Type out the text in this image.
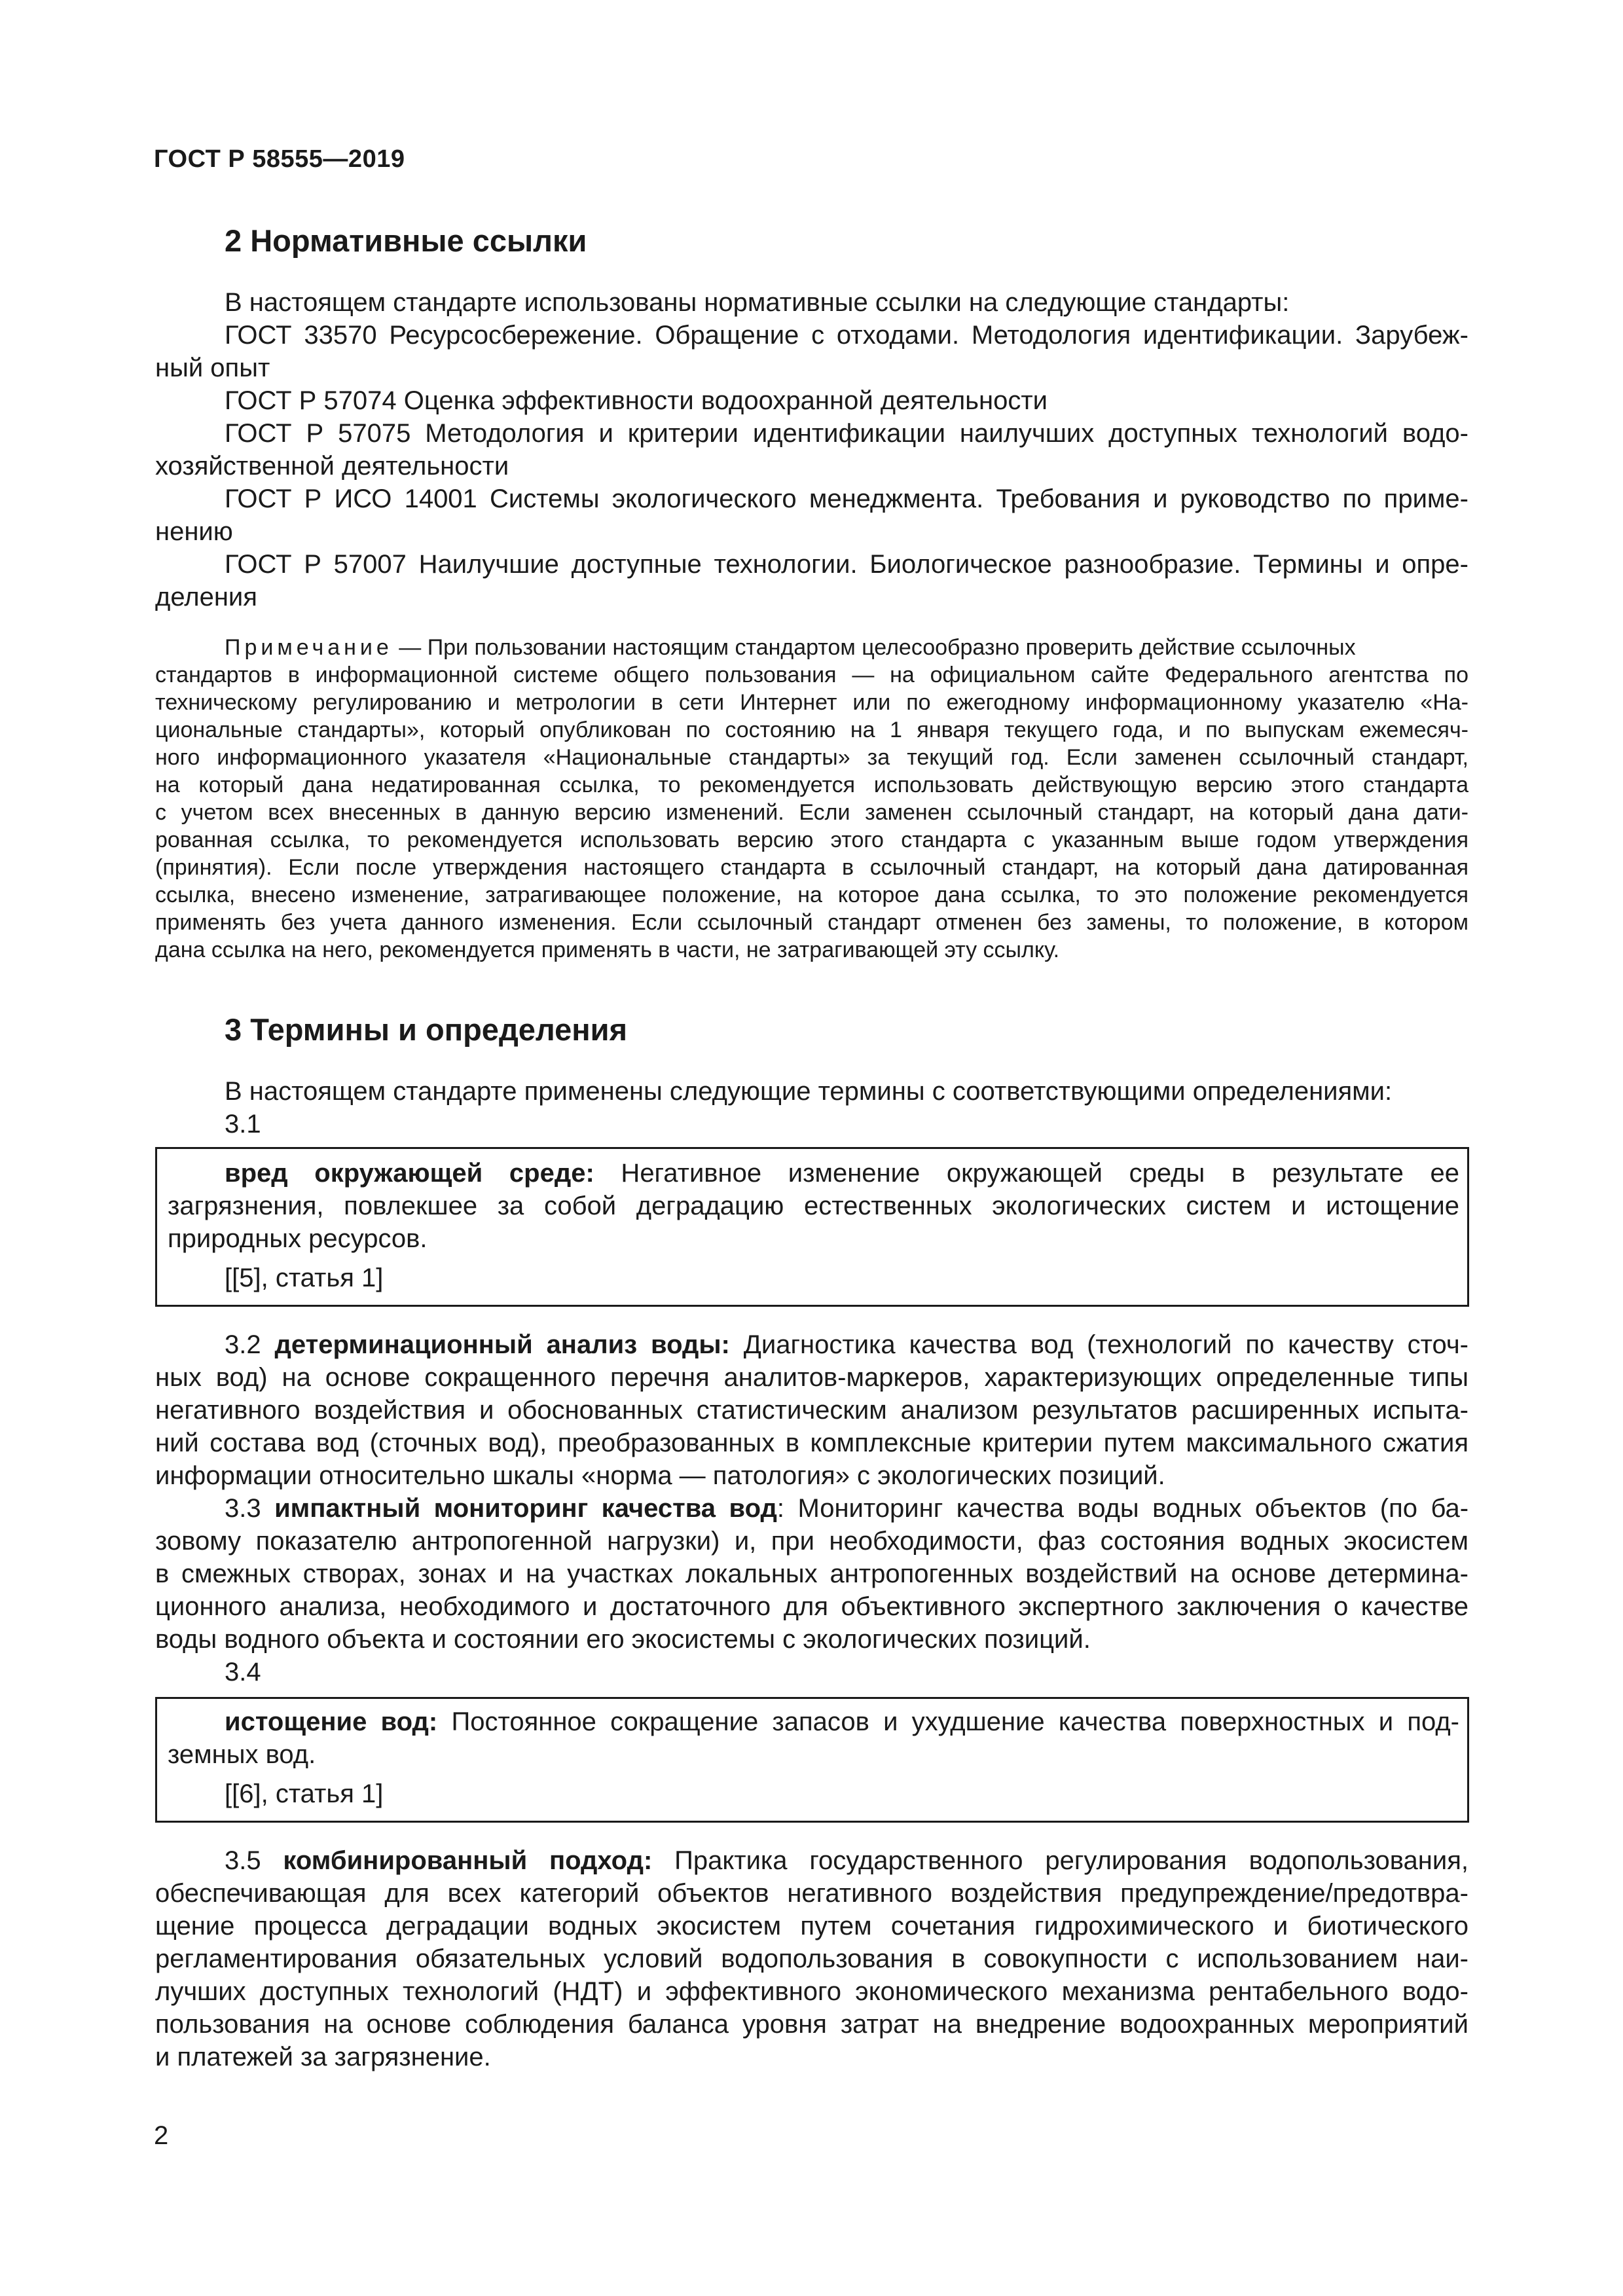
ГОСТ Р 58555—2019
2 Нормативные ссылки
В настоящем стандарте использованы нормативные ссылки на следующие стандарты:
ГОСТ 33570 Ресурсосбережение. Обращение с отходами. Методология идентификации. Зарубеж-
ный опыт
ГОСТ Р 57074 Оценка эффективности водоохранной деятельности
ГОСТ Р 57075 Методология и критерии идентификации наилучших доступных технологий водо-
хозяйственной деятельности
ГОСТ Р ИСО 14001 Системы экологического менеджмента. Требования и руководство по приме-
нению
ГОСТ Р 57007 Наилучшие доступные технологии. Биологическое разнообразие. Термины и опре-
деления
Примечание — При пользовании настоящим стандартом целесообразно проверить действие ссылочных
стандартов в информационной системе общего пользования — на официальном сайте Федерального агентства по
техническому регулированию и метрологии в сети Интернет или по ежегодному информационному указателю «На-
циональные стандарты», который опубликован по состоянию на 1 января текущего года, и по выпускам ежемесяч-
ного информационного указателя «Национальные стандарты» за текущий год. Если заменен ссылочный стандарт,
на который дана недатированная ссылка, то рекомендуется использовать действующую версию этого стандарта
с учетом всех внесенных в данную версию изменений. Если заменен ссылочный стандарт, на который дана дати-
рованная ссылка, то рекомендуется использовать версию этого стандарта с указанным выше годом утверждения
(принятия). Если после утверждения настоящего стандарта в ссылочный стандарт, на который дана датированная
ссылка, внесено изменение, затрагивающее положение, на которое дана ссылка, то это положение рекомендуется
применять без учета данного изменения. Если ссылочный стандарт отменен без замены, то положение, в котором
дана ссылка на него, рекомендуется применять в части, не затрагивающей эту ссылку.
3 Термины и определения
В настоящем стандарте применены следующие термины с соответствующими определениями:
3.1
вред окружающей среде: Негативное изменение окружающей среды в результате ее
загрязнения, повлекшее за собой деградацию естественных экологических систем и истощение
природных ресурсов.
[[5], статья 1]
3.2 детерминационный анализ воды: Диагностика качества вод (технологий по качеству сточ-
ных вод) на основе сокращенного перечня аналитов-маркеров, характеризующих определенные типы
негативного воздействия и обоснованных статистическим анализом результатов расширенных испыта-
ний состава вод (сточных вод), преобразованных в комплексные критерии путем максимального сжатия
информации относительно шкалы «норма — патология» с экологических позиций.
3.3 импактный мониторинг качества вод: Мониторинг качества воды водных объектов (по ба-
зовому показателю антропогенной нагрузки) и, при необходимости, фаз состояния водных экосистем
в смежных створах, зонах и на участках локальных антропогенных воздействий на основе детермина-
ционного анализа, необходимого и достаточного для объективного экспертного заключения о качестве
воды водного объекта и состоянии его экосистемы с экологических позиций.
3.4
истощение вод: Постоянное сокращение запасов и ухудшение качества поверхностных и под-
земных вод.
[[6], статья 1]
3.5 комбинированный подход: Практика государственного регулирования водопользования,
обеспечивающая для всех категорий объектов негативного воздействия предупреждение/предотвра-
щение процесса деградации водных экосистем путем сочетания гидрохимического и биотического
регламентирования обязательных условий водопользования в совокупности с использованием наи-
лучших доступных технологий (НДТ) и эффективного экономического механизма рентабельного водо-
пользования на основе соблюдения баланса уровня затрат на внедрение водоохранных мероприятий
и платежей за загрязнение.
2
